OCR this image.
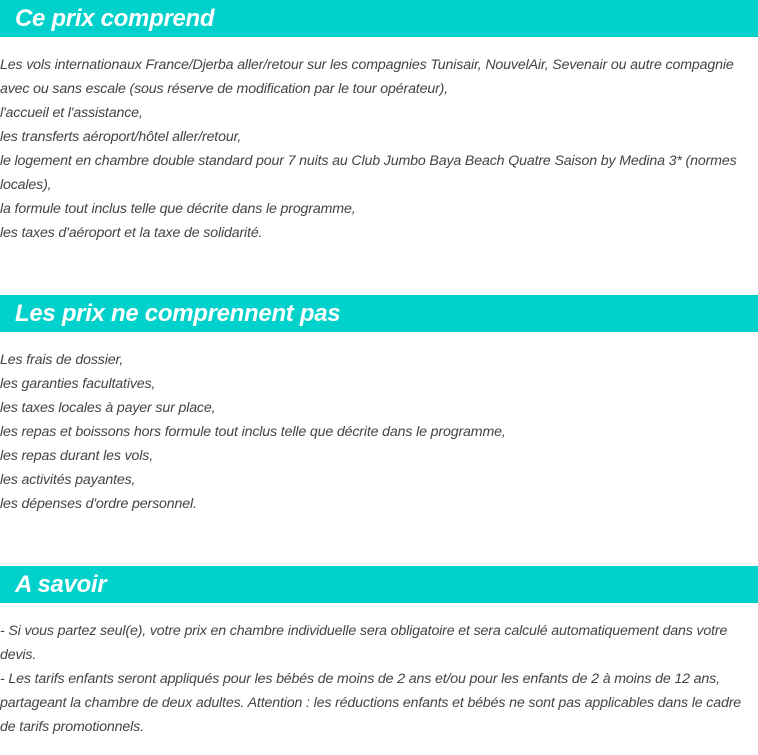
Ce prix comprend

Les vols internationaux France/Djerba aller/retour sur les compagnies Tunisair, NouvelAir, Sevenair ou autre compagnie avec ou sans escale (sous réserve de modification par le tour opérateur),

l'accueil et l'assistance,

les transferts aéroport/hôtel aller/retour,

le logement en chambre double standard pour 7 nuits au Club Jumbo Baya Beach Quatre Saison by Medina 3* (normes locales),

la formule tout inclus telle que décrite dans le programme,

les taxes d'aéroport et la taxe de solidarité.

Les prix ne comprennent pas

Les frais de dossier,

les garanties facultatives,

les taxes locales à payer sur place,

les repas et boissons hors formule tout inclus telle que décrite dans le programme,

les repas durant les vols,

les activités payantes,

les dépenses d'ordre personnel.

A savoir

- Si vous partez seul(e), votre prix en chambre individuelle sera obligatoire et sera calculé automatiquement dans votre devis.

- Les tarifs enfants seront appliqués pour les bébés de moins de 2 ans et/ou pour les enfants de 2 à moins de 12 ans, partageant la chambre de deux adultes. Attention : les réductions enfants et bébés ne sont pas applicables dans le cadre de tarifs promotionnels.
